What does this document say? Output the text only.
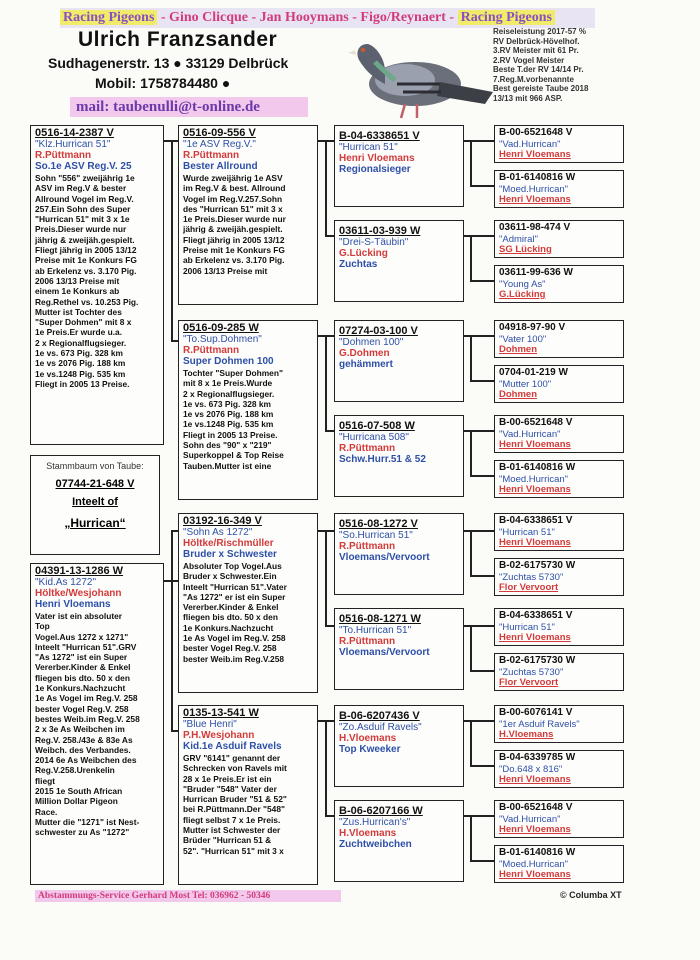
Racing Pigeons - Gino Clicque - Jan Hooymans - Figo/Reynaert - Racing Pigeons
Ulrich Franzsander
Sudhagenerstr. 13 ● 33129 Delbrück
Mobil: 1758784480 ●
mail: taubenulli@t-online.de
Reiseleistung 2017-57 %
RV Delbrück-Hövelhof.
3.RV Meister mit 61 Pr.
2.RV Vogel Meister
Beste T.der RV 14/14 Pr.
7.Reg.M.vorbenannte
Best gereiste Taube 2018
13/13 mit 966 ASP.
0516-14-2387 V
"Klz.Hurrican 51"
R.Püttmann
So.1e ASV Reg.V. 25
Sohn "556" zweijährig 1e
ASV im Reg.V & bester
Allround Vogel im Reg.V.
257.Ein Sohn des Super
"Hurrican 51" mit 3 x 1e
Preis.Dieser wurde nur
jährig & zweijäh.gespielt.
Fliegt jährig in 2005 13/12
Preise mit 1e Konkurs FG
ab Erkelenz vs. 3.170 Pig.
2006 13/13 Preise mit
einem 1e Konkurs ab
Reg.Rethel vs. 10.253 Pig.
Mutter ist Tochter des
"Super Dohmen" mit 8 x
1e Preis.Er wurde u.a.
2 x Regionalflugsieger.
1e vs. 673 Pig. 328 km
1e vs 2076 Pig. 188 km
1e vs.1248 Pig. 535 km
Fliegt in 2005 13 Preise.
Stammbaum von Taube:
07744-21-648 V
Inteelt of
„Hurrican“
04391-13-1286 W
"Kid.As 1272"
Höltke/Wesjohann
Henri Vloemans
Vater ist ein absoluter
Top
Vogel.Aus 1272 x 1271"
Inteelt "Hurrican 51".GRV
"As 1272" ist ein Super
Vererber.Kinder & Enkel
fliegen bis dto. 50 x den
1e Konkurs.Nachzucht
1e As Vogel im Reg.V. 258
bester Vogel Reg.V. 258
bestes Weib.im Reg.V. 258
2 x 3e As Weibchen im
Reg.V. 258./43e & 83e As
Weibch. des Verbandes.
2014 6e As Weibchen des
Reg.V.258.Urenkelin
fliegt
2015 1e South African
Million Dollar Pigeon
Race.
Mutter die "1271" ist Nest-
schwester zu As "1272"
0516-09-556 V
"1e ASV Reg.V."
R.Püttmann
Bester Allround
Wurde zweijährig 1e ASV
im Reg.V & best. Allround
Vogel im Reg.V.257.Sohn
des "Hurrican 51" mit 3 x
1e Preis.Dieser wurde nur
jährig & zweijäh.gespielt.
Fliegt jährig in 2005 13/12
Preise mit 1e Konkurs FG
ab Erkelenz vs. 3.170 Pig.
2006 13/13 Preise mit
0516-09-285 W
"To.Sup.Dohmen"
R.Püttmann
Super Dohmen 100
Tochter "Super Dohmen"
mit 8 x 1e Preis.Wurde
2 x Regionalflugsieger.
1e vs. 673 Pig. 328 km
1e vs 2076 Pig. 188 km
1e vs.1248 Pig. 535 km
Fliegt in 2005 13 Preise.
Sohn des "90" x "219"
Superkoppel & Top Reise
Tauben.Mutter ist eine
03192-16-349 V
"Sohn As 1272"
Höltke/Rischmüller
Bruder x Schwester
Absoluter Top Vogel.Aus
Bruder x Schwester.Ein
Inteelt "Hurrican 51".Vater
"As 1272" er ist ein Super
Vererber.Kinder & Enkel
fliegen bis dto. 50 x den
1e Konkurs.Nachzucht
1e As Vogel im Reg.V. 258
bester Vogel Reg.V. 258
bester Weib.im Reg.V.258
0135-13-541 W
"Blue Henri"
P.H.Wesjohann
Kid.1e Asduif Ravels
GRV "6141" genannt der
Schrecken von Ravels mit
28 x 1e Preis.Er ist ein
"Bruder "548" Vater der
Hurrican Bruder "51 & 52"
bei R.Püttmann.Der "548"
fliegt selbst 7 x 1e Preis.
Mutter ist Schwester der
Brüder "Hurrican 51 &
52". "Hurrican 51" mit 3 x
B-04-6338651 V
"Hurrican 51"
Henri Vloemans
Regionalsieger
03611-03-939 W
"Drei-S-Täubin"
G.Lücking
Zuchtas
07274-03-100 V
"Dohmen 100"
G.Dohmen
gehämmert
0516-07-508 W
"Hurricana 508"
R.Püttmann
Schw.Hurr.51 & 52
0516-08-1272 V
"So.Hurrican 51"
R.Püttmann
Vloemans/Vervoort
0516-08-1271 W
"To.Hurrican 51"
R.Püttmann
Vloemans/Vervoort
B-06-6207436 V
"Zo.Asduif Ravels"
H.Vloemans
Top Kweeker
B-06-6207166 W
"Zus.Hurrican's"
H.Vloemans
Zuchtweibchen
B-00-6521648 V
"Vad.Hurrican"
Henri Vloemans
B-01-6140816 W
"Moed.Hurrican"
Henri Vloemans
03611-98-474 V
"Admiral"
SG Lücking
03611-99-636 W
"Young As"
G.Lücking
04918-97-90 V
"Vater 100"
Dohmen
0704-01-219 W
"Mutter 100"
Dohmen
B-00-6521648 V
"Vad.Hurrican"
Henri Vloemans
B-01-6140816 W
"Moed.Hurrican"
Henri Vloemans
B-04-6338651 V
"Hurrican 51"
Henri Vloemans
B-02-6175730 W
"Zuchtas 5730"
Flor Vervoort
B-04-6338651 V
"Hurrican 51"
Henri Vloemans
B-02-6175730 W
"Zuchtas 5730"
Flor Vervoort
B-00-6076141 V
"1er Asduif Ravels"
H.Vloemans
B-04-6339785 W
"Do.648 x 816"
Henri Vloemans
B-00-6521648 V
"Vad.Hurrican"
Henri Vloemans
B-01-6140816 W
"Moed.Hurrican"
Henri Vloemans
Abstammungs-Service Gerhard Most Tel: 036962 - 50346	© Columba XT
